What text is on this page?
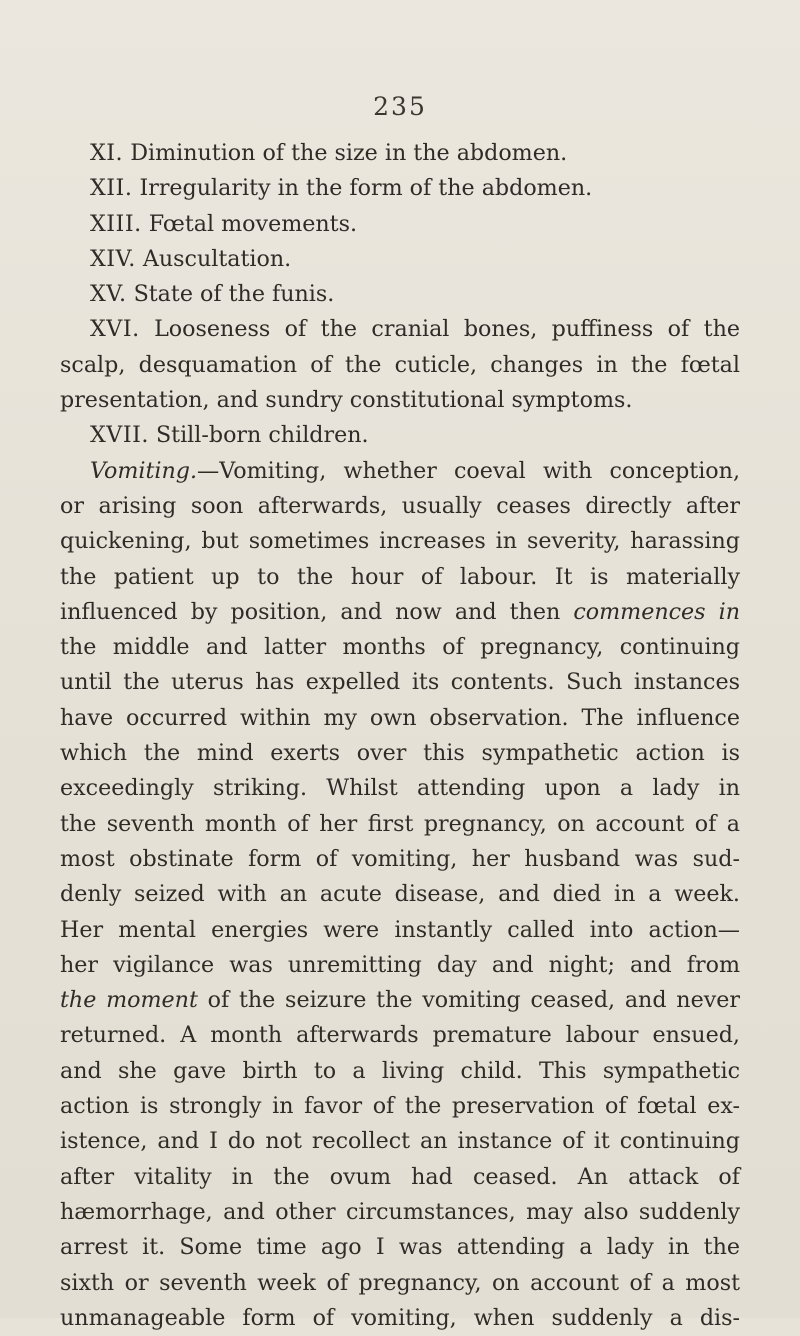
235
XI. Diminution of the size in the abdomen.
XII. Irregularity in the form of the abdomen.
XIII. Fœtal movements.
XIV. Auscultation.
XV. State of the funis.
XVI. Looseness of the cranial bones, puffiness of the
scalp, desquamation of the cuticle, changes in the fœtal
presentation, and sundry constitutional symptoms.
XVII. Still-born children.
Vomiting.—Vomiting, whether coeval with conception,
or arising soon afterwards, usually ceases directly after
quickening, but sometimes increases in severity, harassing
the patient up to the hour of labour. It is materially
influenced by position, and now and then commences in
the middle and latter months of pregnancy, continuing
until the uterus has expelled its contents. Such instances
have occurred within my own observation. The influence
which the mind exerts over this sympathetic action is
exceedingly striking. Whilst attending upon a lady in
the seventh month of her first pregnancy, on account of a
most obstinate form of vomiting, her husband was sud-
denly seized with an acute disease, and died in a week.
Her mental energies were instantly called into action—
her vigilance was unremitting day and night; and from
the moment of the seizure the vomiting ceased, and never
returned. A month afterwards premature labour ensued,
and she gave birth to a living child. This sympathetic
action is strongly in favor of the preservation of fœtal ex-
istence, and I do not recollect an instance of it continuing
after vitality in the ovum had ceased. An attack of
hæmorrhage, and other circumstances, may also suddenly
arrest it. Some time ago I was attending a lady in the
sixth or seventh week of pregnancy, on account of a most
unmanageable form of vomiting, when suddenly a dis-
